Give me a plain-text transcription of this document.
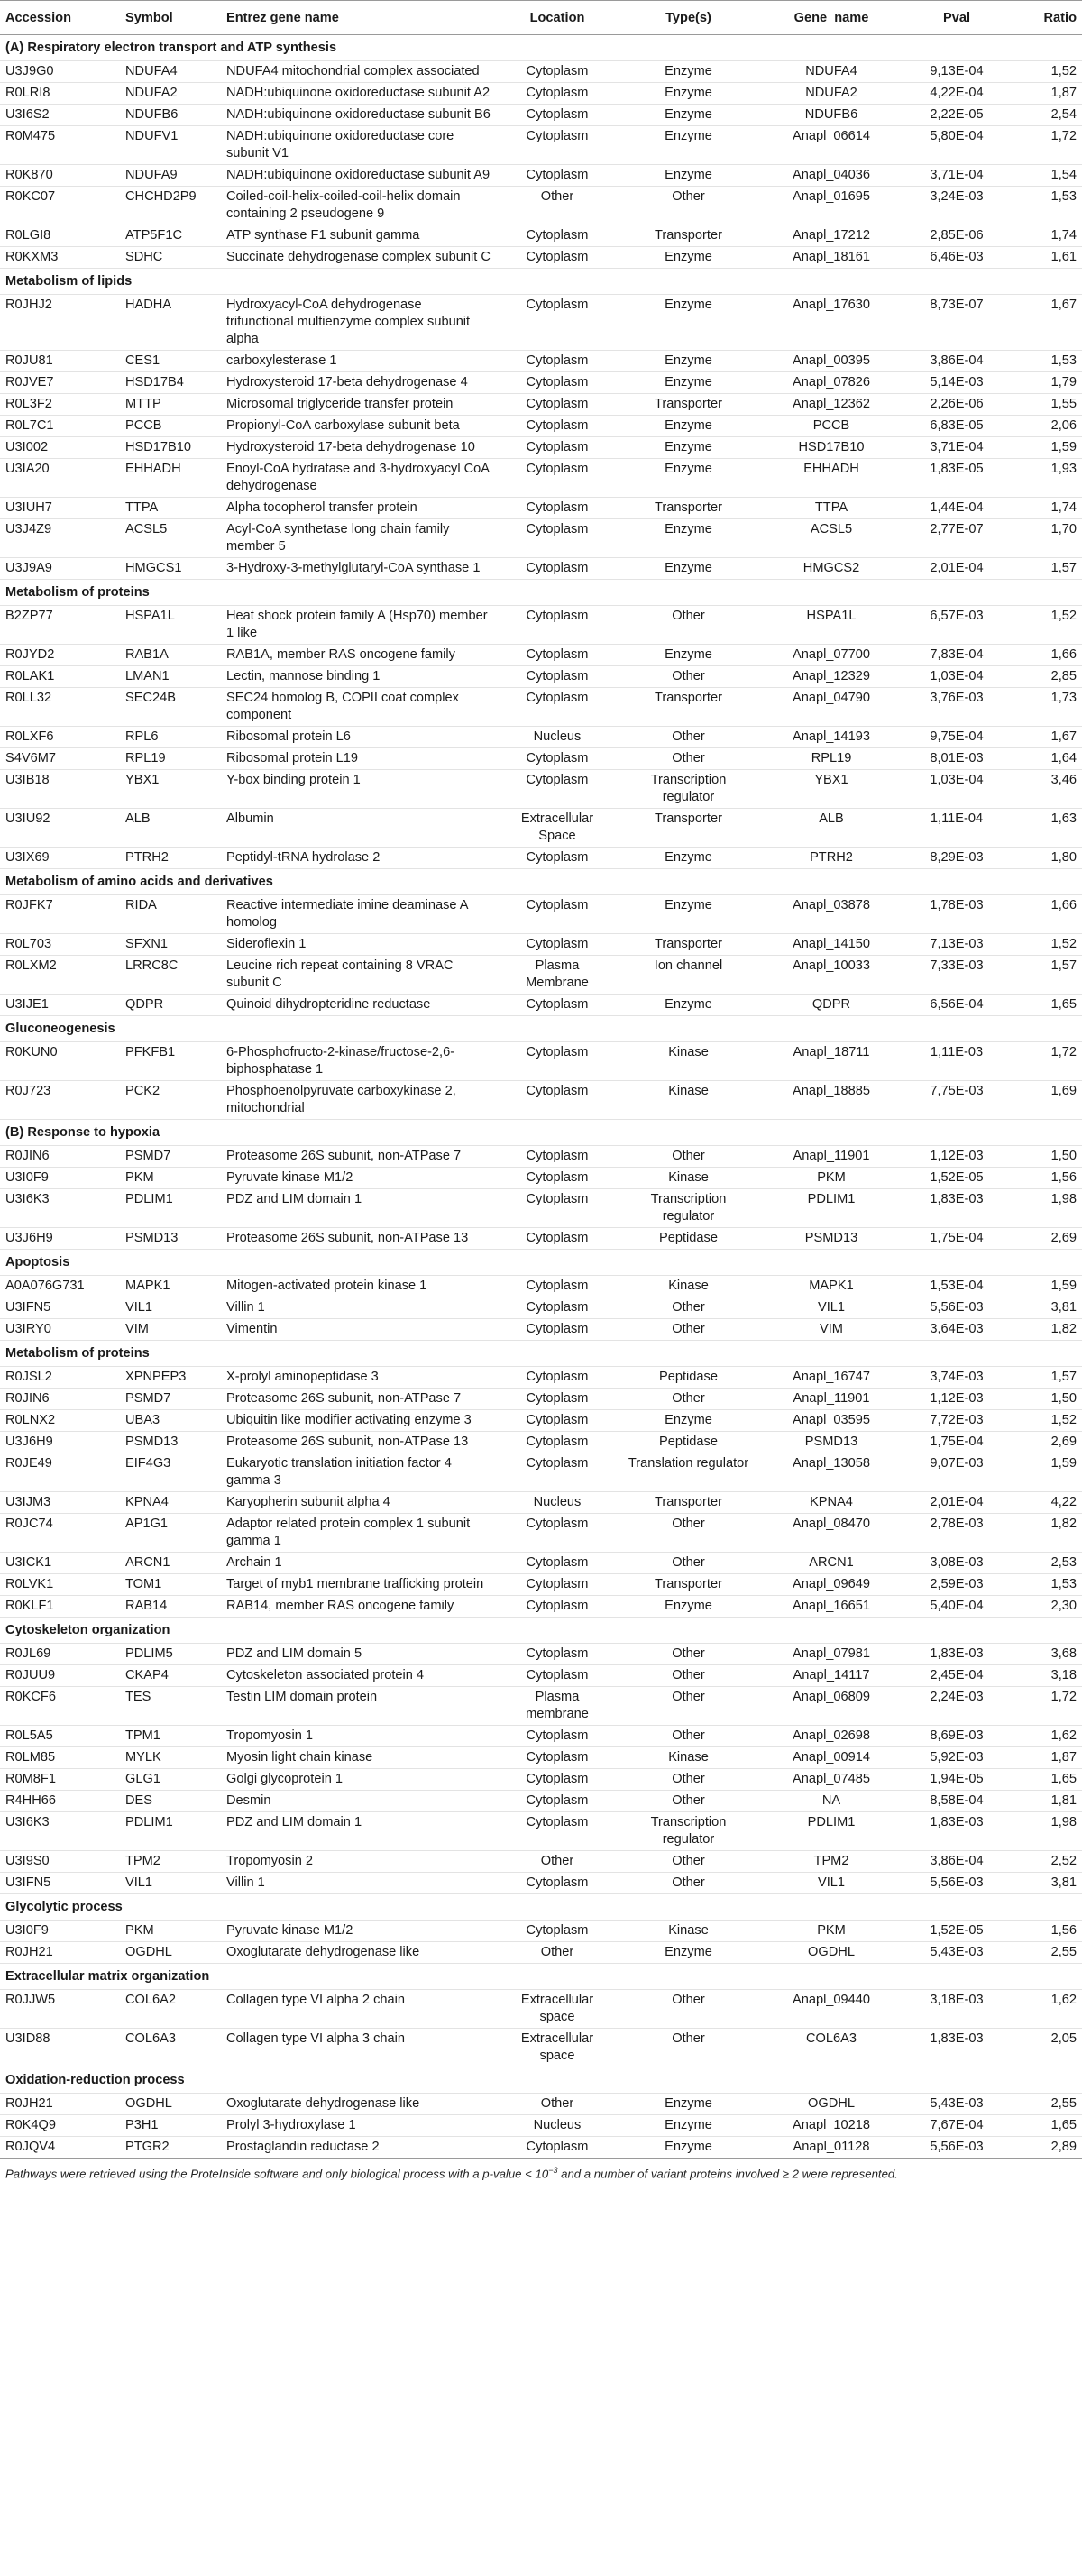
Accession	Symbol	Entrez gene name	Location	Type(s)	Gene_name	Pval	Ratio
(A) Respiratory electron transport and ATP synthesis							
U3J9G0	NDUFA4	NDUFA4 mitochondrial complex associated	Cytoplasm	Enzyme	NDUFA4	9,13E-04	1,52
R0LRI8	NDUFA2	NADH:ubiquinone oxidoreductase subunit A2	Cytoplasm	Enzyme	NDUFA2	4,22E-04	1,87
U3I6S2	NDUFB6	NADH:ubiquinone oxidoreductase subunit B6	Cytoplasm	Enzyme	NDUFB6	2,22E-05	2,54
R0M475	NDUFV1	NADH:ubiquinone oxidoreductase core subunit V1	Cytoplasm	Enzyme	Anapl_06614	5,80E-04	1,72
R0K870	NDUFA9	NADH:ubiquinone oxidoreductase subunit A9	Cytoplasm	Enzyme	Anapl_04036	3,71E-04	1,54
R0KC07	CHCHD2P9	Coiled-coil-helix-coiled-coil-helix domain containing 2 pseudogene 9	Other	Other	Anapl_01695	3,24E-03	1,53
R0LGI8	ATP5F1C	ATP synthase F1 subunit gamma	Cytoplasm	Transporter	Anapl_17212	2,85E-06	1,74
R0KXM3	SDHC	Succinate dehydrogenase complex subunit C	Cytoplasm	Enzyme	Anapl_18161	6,46E-03	1,61
Metabolism of lipids							
R0JHJ2	HADHA	Hydroxyacyl-CoA dehydrogenase trifunctional multienzyme complex subunit alpha	Cytoplasm	Enzyme	Anapl_17630	8,73E-07	1,67
R0JU81	CES1	carboxylesterase 1	Cytoplasm	Enzyme	Anapl_00395	3,86E-04	1,53
R0JVE7	HSD17B4	Hydroxysteroid 17-beta dehydrogenase 4	Cytoplasm	Enzyme	Anapl_07826	5,14E-03	1,79
R0L3F2	MTTP	Microsomal triglyceride transfer protein	Cytoplasm	Transporter	Anapl_12362	2,26E-06	1,55
R0L7C1	PCCB	Propionyl-CoA carboxylase subunit beta	Cytoplasm	Enzyme	PCCB	6,83E-05	2,06
U3I002	HSD17B10	Hydroxysteroid 17-beta dehydrogenase 10	Cytoplasm	Enzyme	HSD17B10	3,71E-04	1,59
U3IA20	EHHADH	Enoyl-CoA hydratase and 3-hydroxyacyl CoA dehydrogenase	Cytoplasm	Enzyme	EHHADH	1,83E-05	1,93
U3IUH7	TTPA	Alpha tocopherol transfer protein	Cytoplasm	Transporter	TTPA	1,44E-04	1,74
U3J4Z9	ACSL5	Acyl-CoA synthetase long chain family member 5	Cytoplasm	Enzyme	ACSL5	2,77E-07	1,70
U3J9A9	HMGCS1	3-Hydroxy-3-methylglutaryl-CoA synthase 1	Cytoplasm	Enzyme	HMGCS2	2,01E-04	1,57
Metabolism of proteins							
B2ZP77	HSPA1L	Heat shock protein family A (Hsp70) member 1 like	Cytoplasm	Other	HSPA1L	6,57E-03	1,52
R0JYD2	RAB1A	RAB1A, member RAS oncogene family	Cytoplasm	Enzyme	Anapl_07700	7,83E-04	1,66
R0LAK1	LMAN1	Lectin, mannose binding 1	Cytoplasm	Other	Anapl_12329	1,03E-04	2,85
R0LL32	SEC24B	SEC24 homolog B, COPII coat complex component	Cytoplasm	Transporter	Anapl_04790	3,76E-03	1,73
R0LXF6	RPL6	Ribosomal protein L6	Nucleus	Other	Anapl_14193	9,75E-04	1,67
S4V6M7	RPL19	Ribosomal protein L19	Cytoplasm	Other	RPL19	8,01E-03	1,64
U3IB18	YBX1	Y-box binding protein 1	Cytoplasm	Transcription regulator	YBX1	1,03E-04	3,46
U3IU92	ALB	Albumin	Extracellular Space	Transporter	ALB	1,11E-04	1,63
U3IX69	PTRH2	Peptidyl-tRNA hydrolase 2	Cytoplasm	Enzyme	PTRH2	8,29E-03	1,80
Metabolism of amino acids and derivatives							
R0JFK7	RIDA	Reactive intermediate imine deaminase A homolog	Cytoplasm	Enzyme	Anapl_03878	1,78E-03	1,66
R0L703	SFXN1	Sideroflexin 1	Cytoplasm	Transporter	Anapl_14150	7,13E-03	1,52
R0LXM2	LRRC8C	Leucine rich repeat containing 8 VRAC subunit C	Plasma Membrane	Ion channel	Anapl_10033	7,33E-03	1,57
U3IJE1	QDPR	Quinoid dihydropteridine reductase	Cytoplasm	Enzyme	QDPR	6,56E-04	1,65
Gluconeogenesis							
R0KUN0	PFKFB1	6-Phosphofructo-2-kinase/fructose-2,6-biphosphatase 1	Cytoplasm	Kinase	Anapl_18711	1,11E-03	1,72
R0J723	PCK2	Phosphoenolpyruvate carboxykinase 2, mitochondrial	Cytoplasm	Kinase	Anapl_18885	7,75E-03	1,69
(B) Response to hypoxia							
R0JIN6	PSMD7	Proteasome 26S subunit, non-ATPase 7	Cytoplasm	Other	Anapl_11901	1,12E-03	1,50
U3I0F9	PKM	Pyruvate kinase M1/2	Cytoplasm	Kinase	PKM	1,52E-05	1,56
U3I6K3	PDLIM1	PDZ and LIM domain 1	Cytoplasm	Transcription regulator	PDLIM1	1,83E-03	1,98
U3J6H9	PSMD13	Proteasome 26S subunit, non-ATPase 13	Cytoplasm	Peptidase	PSMD13	1,75E-04	2,69
Apoptosis							
A0A076G731	MAPK1	Mitogen-activated protein kinase 1	Cytoplasm	Kinase	MAPK1	1,53E-04	1,59
U3IFN5	VIL1	Villin 1	Cytoplasm	Other	VIL1	5,56E-03	3,81
U3IRY0	VIM	Vimentin	Cytoplasm	Other	VIM	3,64E-03	1,82
Metabolism of proteins							
R0JSL2	XPNPEP3	X-prolyl aminopeptidase 3	Cytoplasm	Peptidase	Anapl_16747	3,74E-03	1,57
R0JIN6	PSMD7	Proteasome 26S subunit, non-ATPase 7	Cytoplasm	Other	Anapl_11901	1,12E-03	1,50
R0LNX2	UBA3	Ubiquitin like modifier activating enzyme 3	Cytoplasm	Enzyme	Anapl_03595	7,72E-03	1,52
U3J6H9	PSMD13	Proteasome 26S subunit, non-ATPase 13	Cytoplasm	Peptidase	PSMD13	1,75E-04	2,69
R0JE49	EIF4G3	Eukaryotic translation initiation factor 4 gamma 3	Cytoplasm	Translation regulator	Anapl_13058	9,07E-03	1,59
U3IJM3	KPNA4	Karyopherin subunit alpha 4	Nucleus	Transporter	KPNA4	2,01E-04	4,22
R0JC74	AP1G1	Adaptor related protein complex 1 subunit gamma 1	Cytoplasm	Other	Anapl_08470	2,78E-03	1,82
U3ICK1	ARCN1	Archain 1	Cytoplasm	Other	ARCN1	3,08E-03	2,53
R0LVK1	TOM1	Target of myb1 membrane trafficking protein	Cytoplasm	Transporter	Anapl_09649	2,59E-03	1,53
R0KLF1	RAB14	RAB14, member RAS oncogene family	Cytoplasm	Enzyme	Anapl_16651	5,40E-04	2,30
Cytoskeleton organization							
R0JL69	PDLIM5	PDZ and LIM domain 5	Cytoplasm	Other	Anapl_07981	1,83E-03	3,68
R0JUU9	CKAP4	Cytoskeleton associated protein 4	Cytoplasm	Other	Anapl_14117	2,45E-04	3,18
R0KCF6	TES	Testin LIM domain protein	Plasma membrane	Other	Anapl_06809	2,24E-03	1,72
R0L5A5	TPM1	Tropomyosin 1	Cytoplasm	Other	Anapl_02698	8,69E-03	1,62
R0LM85	MYLK	Myosin light chain kinase	Cytoplasm	Kinase	Anapl_00914	5,92E-03	1,87
R0M8F1	GLG1	Golgi glycoprotein 1	Cytoplasm	Other	Anapl_07485	1,94E-05	1,65
R4HH66	DES	Desmin	Cytoplasm	Other	NA	8,58E-04	1,81
U3I6K3	PDLIM1	PDZ and LIM domain 1	Cytoplasm	Transcription regulator	PDLIM1	1,83E-03	1,98
U3I9S0	TPM2	Tropomyosin 2	Other	Other	TPM2	3,86E-04	2,52
U3IFN5	VIL1	Villin 1	Cytoplasm	Other	VIL1	5,56E-03	3,81
Glycolytic process							
U3I0F9	PKM	Pyruvate kinase M1/2	Cytoplasm	Kinase	PKM	1,52E-05	1,56
R0JH21	OGDHL	Oxoglutarate dehydrogenase like	Other	Enzyme	OGDHL	5,43E-03	2,55
Extracellular matrix organization							
R0JJW5	COL6A2	Collagen type VI alpha 2 chain	Extracellular space	Other	Anapl_09440	3,18E-03	1,62
U3ID88	COL6A3	Collagen type VI alpha 3 chain	Extracellular space	Other	COL6A3	1,83E-03	2,05
Oxidation-reduction process							
R0JH21	OGDHL	Oxoglutarate dehydrogenase like	Other	Enzyme	OGDHL	5,43E-03	2,55
R0K4Q9	P3H1	Prolyl 3-hydroxylase 1	Nucleus	Enzyme	Anapl_10218	7,67E-04	1,65
R0JQV4	PTGR2	Prostaglandin reductase 2	Cytoplasm	Enzyme	Anapl_01128	5,56E-03	2,89
Pathways were retrieved using the ProteInside software and only biological process with a p-value < $10^{-3}$ and a number of variant proteins involved ≥ 2 were represented.
